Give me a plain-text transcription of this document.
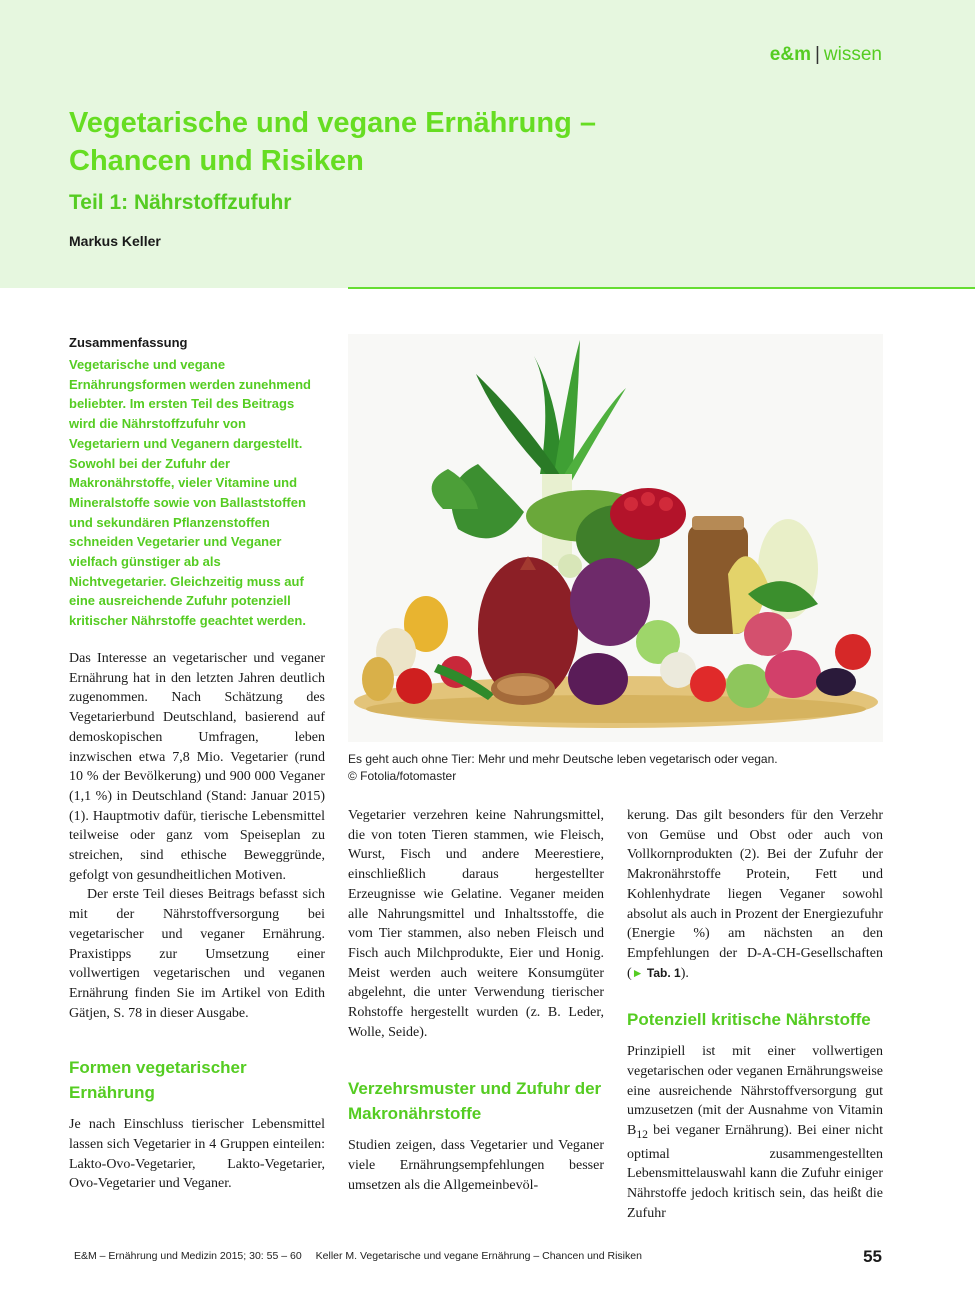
e&m | wissen
Vegetarische und vegane Ernährung – Chancen und Risiken
Teil 1: Nährstoffzufuhr
Markus Keller
Zusammenfassung

Vegetarische und vegane Ernährungsformen werden zunehmend beliebter. Im ersten Teil des Beitrags wird die Nährstoffzufuhr von Vegetariern und Veganern dargestellt. Sowohl bei der Zufuhr der Makronährstoffe, vieler Vitamine und Mineralstoffe sowie von Ballaststoffen und sekundären Pflanzenstoffen schneiden Vegetarier und Veganer vielfach günstiger ab als Nichtvegetarier. Gleichzeitig muss auf eine ausreichende Zufuhr potenziell kritischer Nährstoffe geachtet werden.

Es geht auch ohne Tier: Mehr und mehr Deutsche leben vegetarisch oder vegan.
© Fotolia/fotomaster

Das Interesse an vegetarischer und veganer Ernährung hat in den letzten Jahren deutlich zugenommen. Nach Schätzung des Vegetarierbund Deutschland, basierend auf demoskopischen Umfragen, leben inzwischen etwa 7,8 Mio. Vegetarier (rund 10 % der Bevölkerung) und 900 000 Veganer (1,1 %) in Deutschland (Stand: Januar 2015) (1). Hauptmotiv dafür, tierische Lebensmittel teilweise oder ganz vom Speiseplan zu streichen, sind ethische Beweggründe, gefolgt von gesundheitlichen Motiven.

Der erste Teil dieses Beitrags befasst sich mit der Nährstoffversorgung bei vegetarischer und veganer Ernährung. Praxistipps zur Umsetzung einer vollwertigen vegetarischen und veganen Ernährung finden Sie im Artikel von Edith Gätjen, S. 78 in dieser Ausgabe.

Formen vegetarischer Ernährung

Je nach Einschluss tierischer Lebensmittel lassen sich Vegetarier in 4 Gruppen einteilen: Lakto-Ovo-Vegetarier, Lakto-Vegetarier, Ovo-Vegetarier und Veganer.

Vegetarier verzehren keine Nahrungsmittel, die von toten Tieren stammen, wie Fleisch, Wurst, Fisch und andere Meerestiere, einschließlich daraus hergestellter Erzeugnisse wie Gelatine. Veganer meiden alle Nahrungsmittel und Inhaltsstoffe, die vom Tier stammen, also neben Fleisch und Fisch auch Milchprodukte, Eier und Honig. Meist werden auch weitere Konsumgüter abgelehnt, die unter Verwendung tierischer Rohstoffe hergestellt wurden (z. B. Leder, Wolle, Seide).

Verzehrsmuster und Zufuhr der Makronährstoffe

Studien zeigen, dass Vegetarier und Veganer viele Ernährungsempfehlungen besser umsetzen als die Allgemeinbevöl-

kerung. Das gilt besonders für den Verzehr von Gemüse und Obst oder auch von Vollkornprodukten (2). Bei der Zufuhr der Makronährstoffe Protein, Fett und Kohlenhydrate liegen Veganer sowohl absolut als auch in Prozent der Energiezufuhr (Energie %) am nächsten an den Empfehlungen der D-A-CH-Gesellschaften (► Tab. 1).

Potenziell kritische Nährstoffe

Prinzipiell ist mit einer vollwertigen vegetarischen oder veganen Ernährungsweise eine ausreichende Nährstoffversorgung gut umzusetzen (mit der Ausnahme von Vitamin $B_{12}$ bei veganer Ernährung). Bei einer nicht optimal zusammengestellten Lebensmittelauswahl kann die Zufuhr einiger Nährstoffe jedoch kritisch sein, das heißt die Zufuhr

E&M – Ernährung und Medizin 2015; 30: 55 – 60 Keller M. Vegetarische und vegane Ernährung – Chancen und Risiken	55
